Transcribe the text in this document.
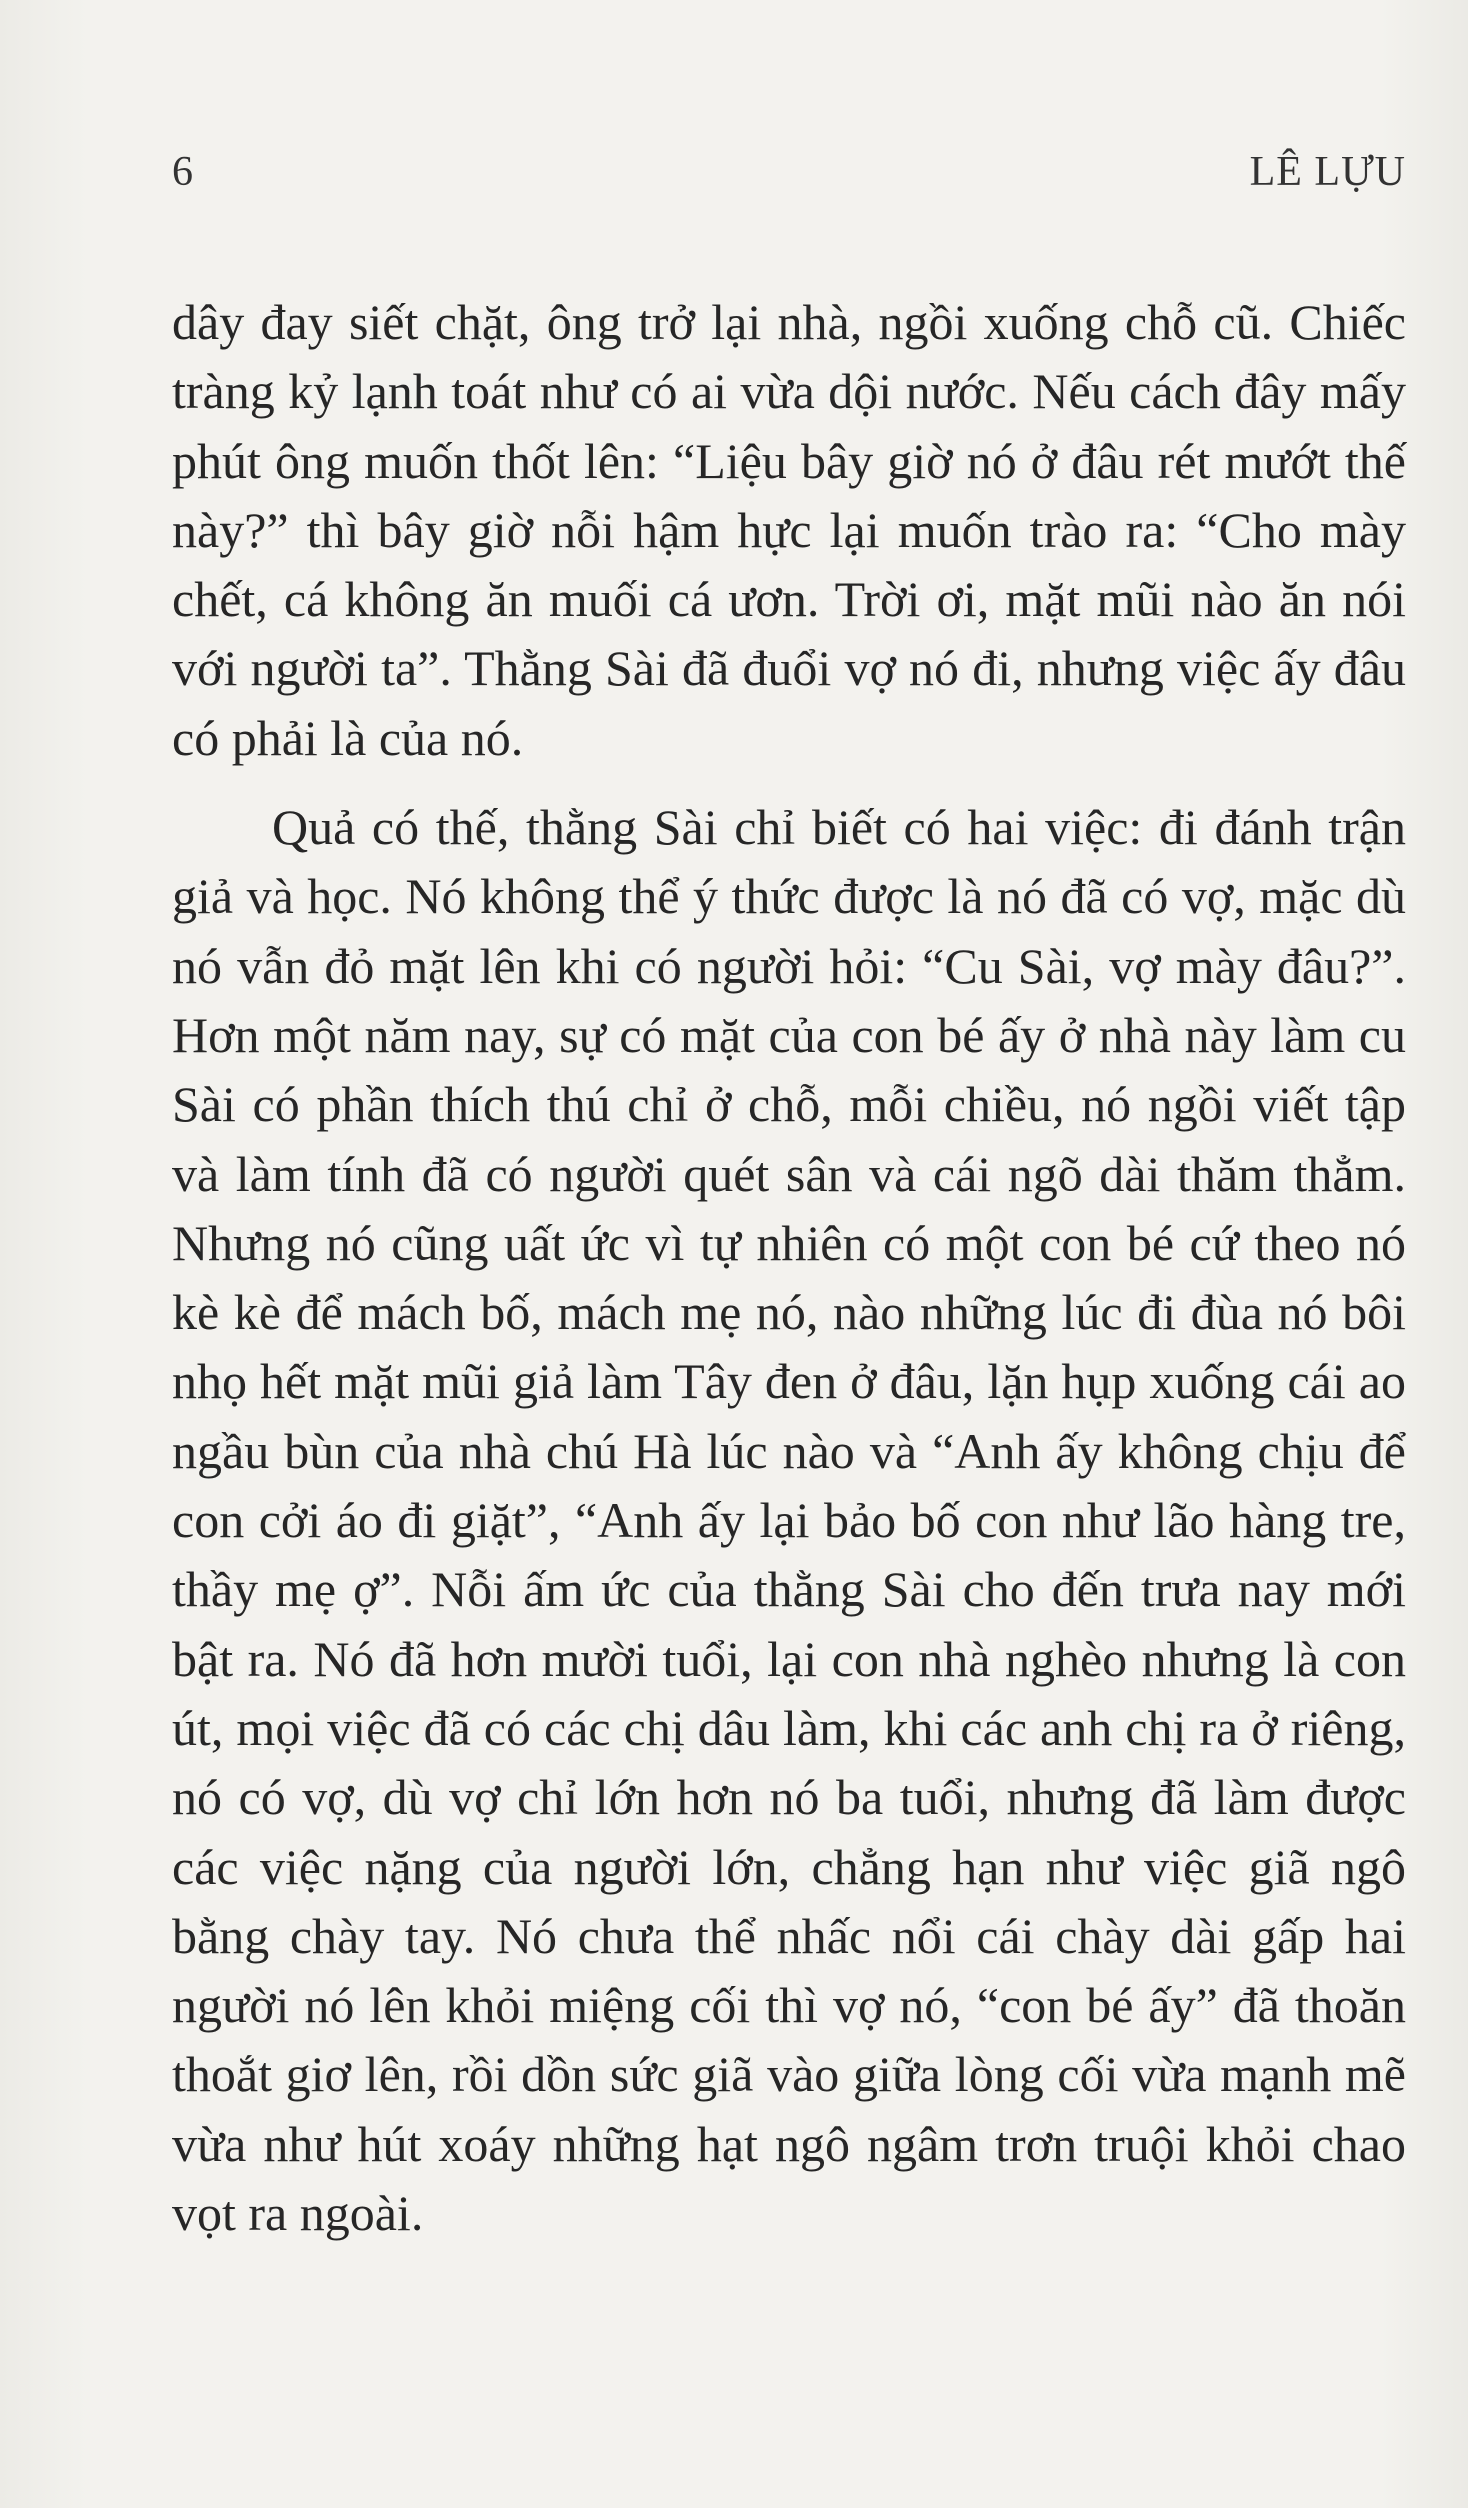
6	LÊ LỰU

dây đay siết chặt, ông trở lại nhà, ngồi xuống chỗ cũ. Chiếc tràng kỷ lạnh toát như có ai vừa dội nước. Nếu cách đây mấy phút ông muốn thốt lên: “Liệu bây giờ nó ở đâu rét mướt thế này?” thì bây giờ nỗi hậm hực lại muốn trào ra: “Cho mày chết, cá không ăn muối cá ươn. Trời ơi, mặt mũi nào ăn nói với người ta”. Thằng Sài đã đuổi vợ nó đi, nhưng việc ấy đâu có phải là của nó.

Quả có thế, thằng Sài chỉ biết có hai việc: đi đánh trận giả và học. Nó không thể ý thức được là nó đã có vợ, mặc dù nó vẫn đỏ mặt lên khi có người hỏi: “Cu Sài, vợ mày đâu?”. Hơn một năm nay, sự có mặt của con bé ấy ở nhà này làm cu Sài có phần thích thú chỉ ở chỗ, mỗi chiều, nó ngồi viết tập và làm tính đã có người quét sân và cái ngõ dài thăm thẳm. Nhưng nó cũng uất ức vì tự nhiên có một con bé cứ theo nó kè kè để mách bố, mách mẹ nó, nào những lúc đi đùa nó bôi nhọ hết mặt mũi giả làm Tây đen ở đâu, lặn hụp xuống cái ao ngầu bùn của nhà chú Hà lúc nào và “Anh ấy không chịu để con cởi áo đi giặt”, “Anh ấy lại bảo bố con như lão hàng tre, thầy mẹ ợ”. Nỗi ấm ức của thằng Sài cho đến trưa nay mới bật ra. Nó đã hơn mười tuổi, lại con nhà nghèo nhưng là con út, mọi việc đã có các chị dâu làm, khi các anh chị ra ở riêng, nó có vợ, dù vợ chỉ lớn hơn nó ba tuổi, nhưng đã làm được các việc nặng của người lớn, chẳng hạn như việc giã ngô bằng chày tay. Nó chưa thể nhấc nổi cái chày dài gấp hai người nó lên khỏi miệng cối thì vợ nó, “con bé ấy” đã thoăn thoắt giơ lên, rồi dồn sức giã vào giữa lòng cối vừa mạnh mẽ vừa như hút xoáy những hạt ngô ngâm trơn truội khỏi chao vọt ra ngoài.
